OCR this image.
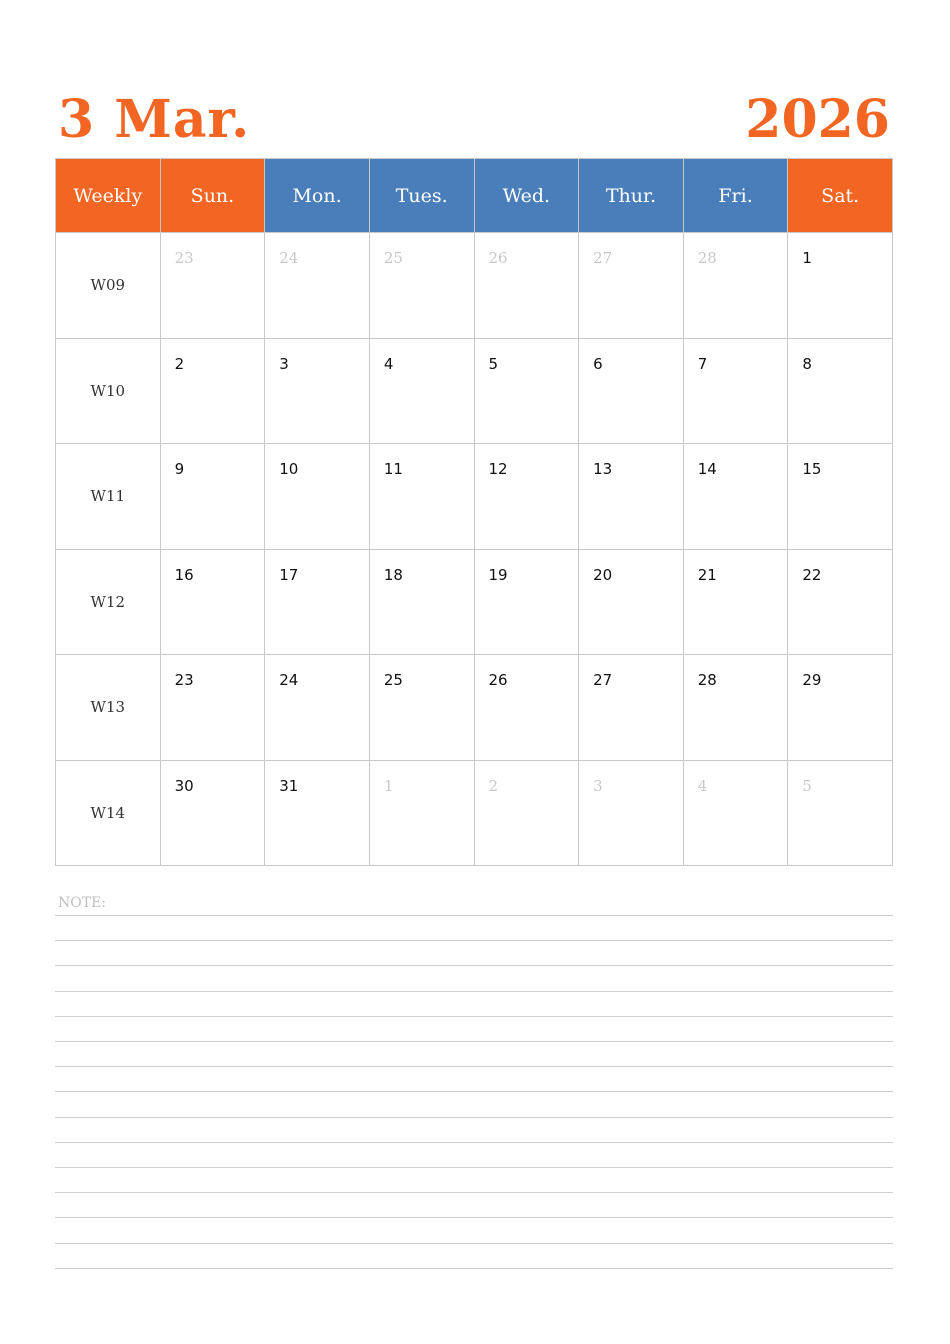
3 Mar.	2026
Weekly	Sun.	Mon.	Tues.	Wed.	Thur.	Fri.	Sat.
W09	23	24	25	26	27	28	1

W10	2	3	4	5	6	7	8

W11	9	10	11	12	13	14	15

W12	16	17	18	19	20	21	22

W13	23	24	25	26	27	28	29

W14	30	31	1	2	3	4	5
NOTE:
